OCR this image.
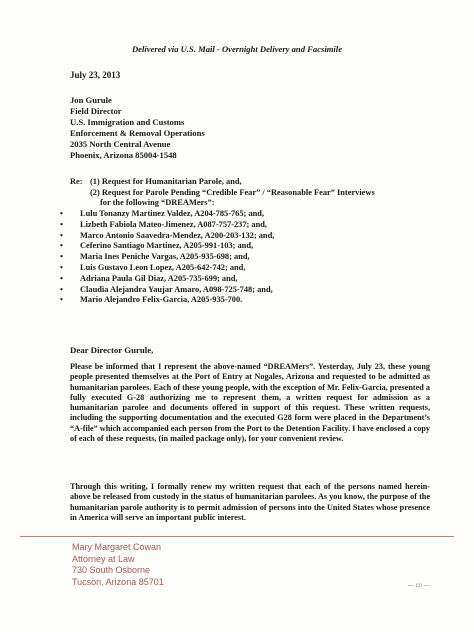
Delivered via U.S. Mail - Overnight Delivery and Facsimile
July 23, 2013
Jon Gurule
Field Director
U.S. Immigration and Customs
Enforcement & Removal Operations
2035 North Central Avenue
Phoenix, Arizona 85004-1548
Re: (1) Request for Humanitarian Parole, and,
(2) Request for Parole Pending “Credible Fear” / “Reasonable Fear” Interviews
for the following “DREAMers”:
•	Lulu Tonanzy Martinez Valdez, A204-785-765; and,
•	Lizbeth Fabiola Mateo-Jimenez, A087-757-237; and,
•	Marco Antonio Saavedra-Mendez, A200-203-132; and,
•	Ceferino Santiago Martinez, A205-991-103; and,
•	Maria Ines Peniche Vargas, A205-935-698; and,
•	Luis Gustavo Leon Lopez, A205-642-742; and,
•	Adriana Paula Gil Diaz, A205-735-699; and,
•	Claudia Alejandra Yaujar Amaro, A098-725-748; and,
•	Mario Alejandro Felix-Garcia, A205-935-700.
Dear Director Gurule,
Please be informed that I represent the above-named “DREAMers”. Yesterday, July 23, these young people presented themselves at the Port of Entry at Nogales, Arizona and requested to be admitted as humanitarian parolees. Each of these young people, with the exception of Mr. Felix-Garcia, presented a fully executed G-28 authorizing me to represent them, a written request for admission as a humanitarian parolee and documents offered in support of this request. These written requests, including the supporting documentation and the executed G28 form were placed in the Department’s “A-file” which accompanied each person from the Port to the Detention Facility. I have enclosed a copy of each of these requests, (in mailed package only), for your convenient review.
Through this writing, I formally renew my written request that each of the persons named herein-above be released from custody in the status of humanitarian parolees. As you know, the purpose of the humanitarian parole authority is to permit admission of persons into the United States whose presence in America will serve an important public interest.
Mary Margaret Cowan
Attorney at Law
730 South Osborne
Tucson, Arizona 85701	— co —
